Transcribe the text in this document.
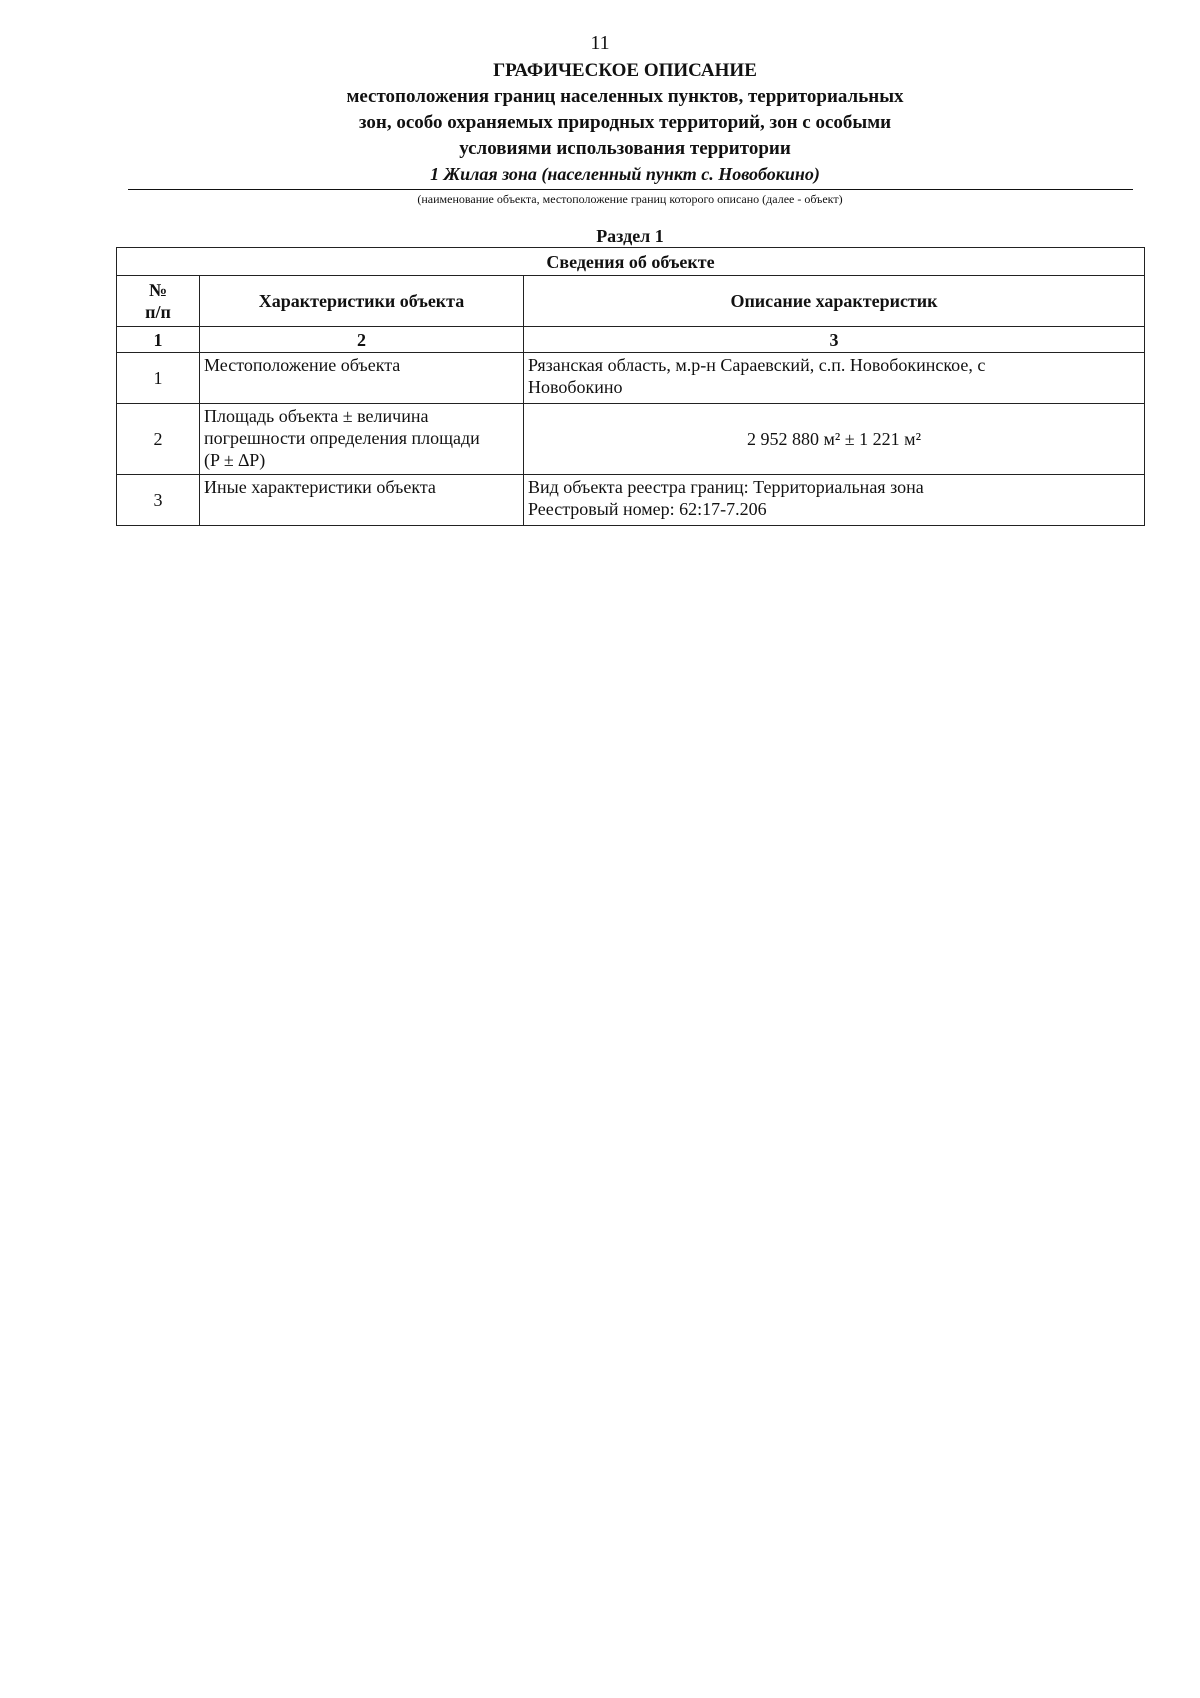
11
ГРАФИЧЕСКОЕ ОПИСАНИЕ
местоположения границ населенных пунктов, территориальных
зон, особо охраняемых природных территорий, зон с особыми
условиями использования территории
1 Жилая зона (населенный пункт с. Новобокино)
(наименование объекта, местоположение границ которого описано (далее - объект)
Раздел 1
Сведения об объекте		

№
п/п	Характеристики объекта	Описание характеристик
1	2	3
1	Местоположение объекта	Рязанская область, м.р-н Сараевский, с.п. Новобокинское, с
Новобокино

2	Площадь объекта ± величина
погрешности определения площади
(P ± ∆P)	2 952 880 м² ± 1 221 м²

3	Иные характеристики объекта	Вид объекта реестра границ: Территориальная зона
Реестровый номер: 62:17-7.206
